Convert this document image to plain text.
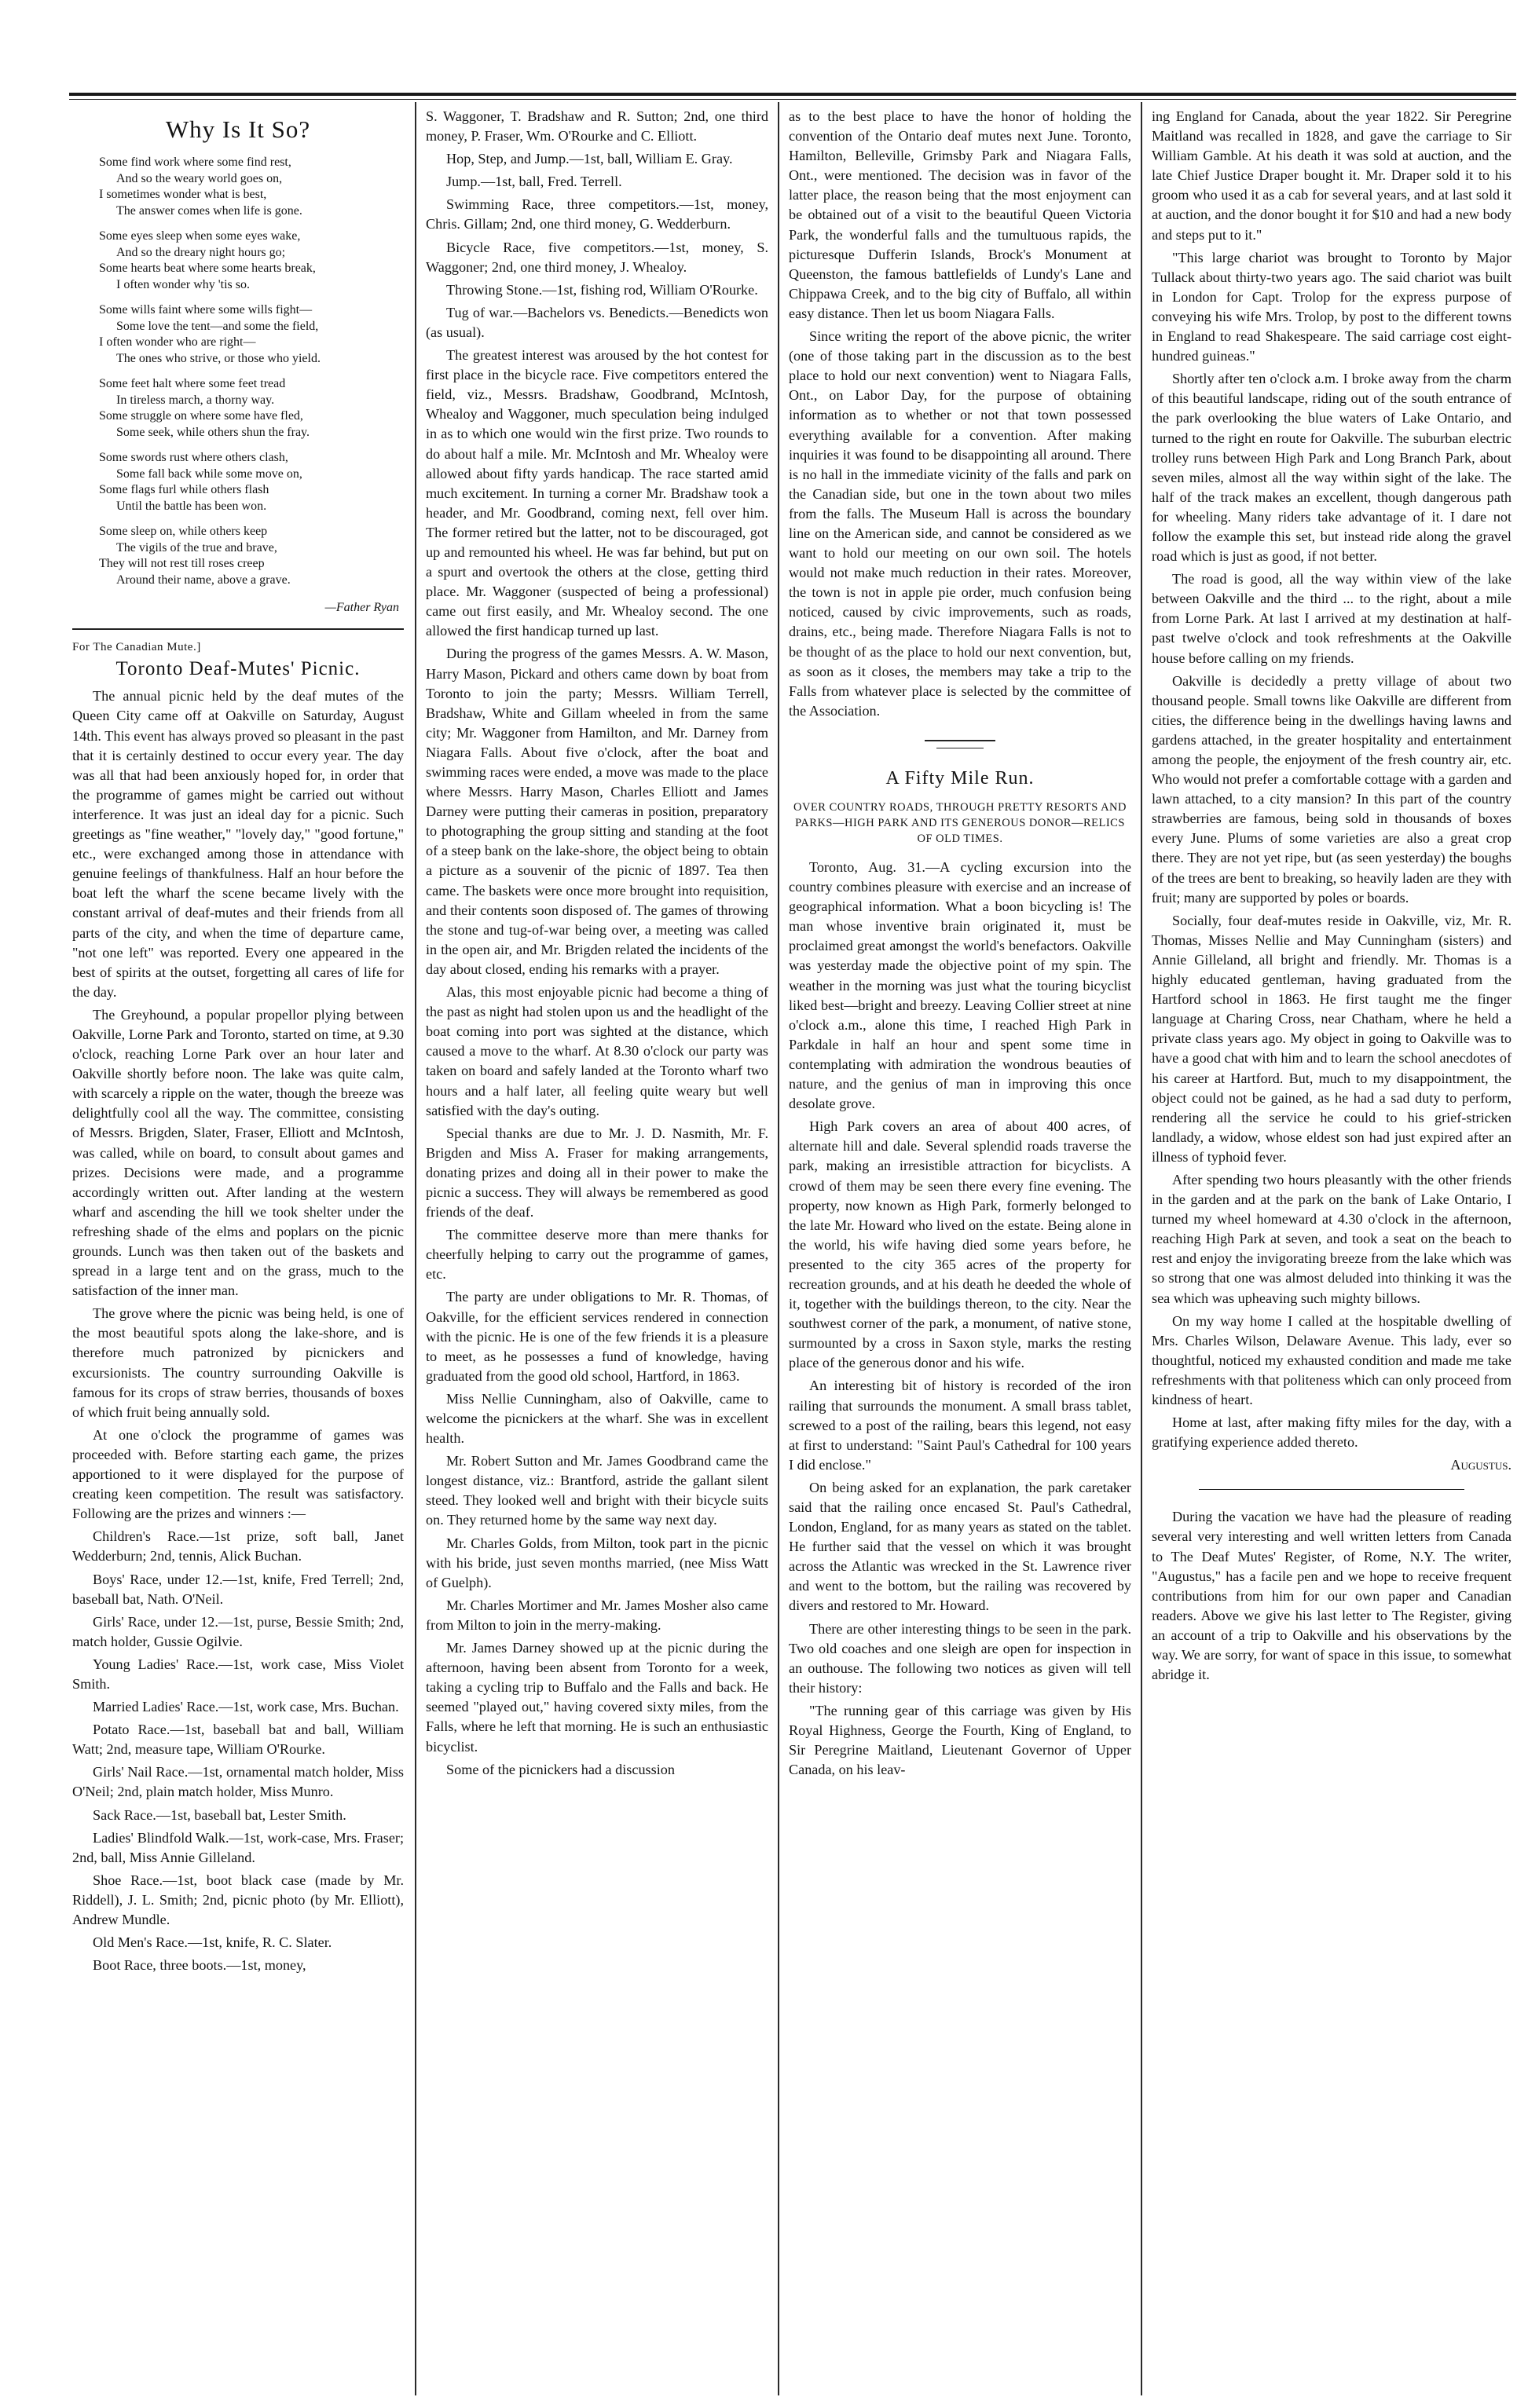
Why Is It So?
Some find work where some find rest,
And so the weary world goes on,
I sometimes wonder what is best,
The answer comes when life is gone.
Some eyes sleep when some eyes wake,
And so the dreary night hours go;
Some hearts beat where some hearts break,
I often wonder why 'tis so.
Some wills faint where some wills fight—
Some love the tent—and some the field,
I often wonder who are right—
The ones who strive, or those who yield.
Some feet halt where some feet tread
In tireless march, a thorny way.
Some struggle on where some have fled,
Some seek, while others shun the fray.
Some swords rust where others clash,
Some fall back while some move on,
Some flags furl while others flash
Until the battle has been won.
Some sleep on, while others keep
The vigils of the true and brave,
They will not rest till roses creep
Around their name, above a grave.
—Father Ryan
For The Canadian Mute.]
Toronto Deaf-Mutes' Picnic.

The annual picnic held by the deaf mutes of the Queen City came off at Oakville on Saturday, August 14th. This event has always proved so pleasant in the past that it is certainly destined to occur every year. The day was all that had been anxiously hoped for, in order that the programme of games might be carried out without interference. It was just an ideal day for a picnic. Such greetings as "fine weather," "lovely day," "good fortune," etc., were exchanged among those in attendance with genuine feelings of thankfulness. Half an hour before the boat left the wharf the scene became lively with the constant arrival of deaf-mutes and their friends from all parts of the city, and when the time of departure came, "not one left" was reported. Every one appeared in the best of spirits at the outset, forgetting all cares of life for the day.

The Greyhound, a popular propellor plying between Oakville, Lorne Park and Toronto, started on time, at 9.30 o'clock, reaching Lorne Park over an hour later and Oakville shortly before noon. The lake was quite calm, with scarcely a ripple on the water, though the breeze was delightfully cool all the way. The committee, consisting of Messrs. Brigden, Slater, Fraser, Elliott and McIntosh, was called, while on board, to consult about games and prizes. Decisions were made, and a programme accordingly written out. After landing at the western wharf and ascending the hill we took shelter under the refreshing shade of the elms and poplars on the picnic grounds. Lunch was then taken out of the baskets and spread in a large tent and on the grass, much to the satisfaction of the inner man.

The grove where the picnic was being held, is one of the most beautiful spots along the lake-shore, and is therefore much patronized by picnickers and excursionists. The country surrounding Oakville is famous for its crops of straw berries, thousands of boxes of which fruit being annually sold.

At one o'clock the programme of games was proceeded with. Before starting each game, the prizes apportioned to it were displayed for the purpose of creating keen competition. The result was satisfactory. Following are the prizes and winners :—

Children's Race.—1st prize, soft ball, Janet Wedderburn; 2nd, tennis, Alick Buchan.

Boys' Race, under 12.—1st, knife, Fred Terrell; 2nd, baseball bat, Nath. O'Neil.

Girls' Race, under 12.—1st, purse, Bessie Smith; 2nd, match holder, Gussie Ogilvie.

Young Ladies' Race.—1st, work case, Miss Violet Smith.

Married Ladies' Race.—1st, work case, Mrs. Buchan.

Potato Race.—1st, baseball bat and ball, William Watt; 2nd, measure tape, William O'Rourke.

Girls' Nail Race.—1st, ornamental match holder, Miss O'Neil; 2nd, plain match holder, Miss Munro.

Sack Race.—1st, baseball bat, Lester Smith.

Ladies' Blindfold Walk.—1st, work-case, Mrs. Fraser; 2nd, ball, Miss Annie Gilleland.

Shoe Race.—1st, boot black case (made by Mr. Riddell), J. L. Smith; 2nd, picnic photo (by Mr. Elliott), Andrew Mundle.

Old Men's Race.—1st, knife, R. C. Slater.

Boot Race, three boots.—1st, money,

S. Waggoner, T. Bradshaw and R. Sutton; 2nd, one third money, P. Fraser, Wm. O'Rourke and C. Elliott.

Hop, Step, and Jump.—1st, ball, William E. Gray.

Jump.—1st, ball, Fred. Terrell.

Swimming Race, three competitors.—1st, money, Chris. Gillam; 2nd, one third money, G. Wedderburn.

Bicycle Race, five competitors.—1st, money, S. Waggoner; 2nd, one third money, J. Whealoy.

Throwing Stone.—1st, fishing rod, William O'Rourke.

Tug of war.—Bachelors vs. Benedicts.—Benedicts won (as usual).

The greatest interest was aroused by the hot contest for first place in the bicycle race. Five competitors entered the field, viz., Messrs. Bradshaw, Goodbrand, McIntosh, Whealoy and Waggoner, much speculation being indulged in as to which one would win the first prize. Two rounds to do about half a mile. Mr. McIntosh and Mr. Whealoy were allowed about fifty yards handicap. The race started amid much excitement. In turning a corner Mr. Bradshaw took a header, and Mr. Goodbrand, coming next, fell over him. The former retired but the latter, not to be discouraged, got up and remounted his wheel. He was far behind, but put on a spurt and overtook the others at the close, getting third place. Mr. Waggoner (suspected of being a professional) came out first easily, and Mr. Whealoy second. The one allowed the first handicap turned up last.

During the progress of the games Messrs. A. W. Mason, Harry Mason, Pickard and others came down by boat from Toronto to join the party; Messrs. William Terrell, Bradshaw, White and Gillam wheeled in from the same city; Mr. Waggoner from Hamilton, and Mr. Darney from Niagara Falls. About five o'clock, after the boat and swimming races were ended, a move was made to the place where Messrs. Harry Mason, Charles Elliott and James Darney were putting their cameras in position, preparatory to photographing the group sitting and standing at the foot of a steep bank on the lake-shore, the object being to obtain a picture as a souvenir of the picnic of 1897. Tea then came. The baskets were once more brought into requisition, and their contents soon disposed of. The games of throwing the stone and tug-of-war being over, a meeting was called in the open air, and Mr. Brigden related the incidents of the day about closed, ending his remarks with a prayer.

Alas, this most enjoyable picnic had become a thing of the past as night had stolen upon us and the headlight of the boat coming into port was sighted at the distance, which caused a move to the wharf. At 8.30 o'clock our party was taken on board and safely landed at the Toronto wharf two hours and a half later, all feeling quite weary but well satisfied with the day's outing.

Special thanks are due to Mr. J. D. Nasmith, Mr. F. Brigden and Miss A. Fraser for making arrangements, donating prizes and doing all in their power to make the picnic a success. They will always be remembered as good friends of the deaf.

The committee deserve more than mere thanks for cheerfully helping to carry out the programme of games, etc.

The party are under obligations to Mr. R. Thomas, of Oakville, for the efficient services rendered in connection with the picnic. He is one of the few friends it is a pleasure to meet, as he possesses a fund of knowledge, having graduated from the good old school, Hartford, in 1863.

Miss Nellie Cunningham, also of Oakville, came to welcome the picnickers at the wharf. She was in excellent health.

Mr. Robert Sutton and Mr. James Goodbrand came the longest distance, viz.: Brantford, astride the gallant silent steed. They looked well and bright with their bicycle suits on. They returned home by the same way next day.

Mr. Charles Golds, from Milton, took part in the picnic with his bride, just seven months married, (nee Miss Watt of Guelph).

Mr. Charles Mortimer and Mr. James Mosher also came from Milton to join in the merry-making.

Mr. James Darney showed up at the picnic during the afternoon, having been absent from Toronto for a week, taking a cycling trip to Buffalo and the Falls and back. He seemed "played out," having covered sixty miles, from the Falls, where he left that morning. He is such an enthusiastic bicyclist.

Some of the picnickers had a discussion

as to the best place to have the honor of holding the convention of the Ontario deaf mutes next June. Toronto, Hamilton, Belleville, Grimsby Park and Niagara Falls, Ont., were mentioned. The decision was in favor of the latter place, the reason being that the most enjoyment can be obtained out of a visit to the beautiful Queen Victoria Park, the wonderful falls and the tumultuous rapids, the picturesque Dufferin Islands, Brock's Monument at Queenston, the famous battlefields of Lundy's Lane and Chippawa Creek, and to the big city of Buffalo, all within easy distance. Then let us boom Niagara Falls.

Since writing the report of the above picnic, the writer (one of those taking part in the discussion as to the best place to hold our next convention) went to Niagara Falls, Ont., on Labor Day, for the purpose of obtaining information as to whether or not that town possessed everything available for a convention. After making inquiries it was found to be disappointing all around. There is no hall in the immediate vicinity of the falls and park on the Canadian side, but one in the town about two miles from the falls. The Museum Hall is across the boundary line on the American side, and cannot be considered as we want to hold our meeting on our own soil. The hotels would not make much reduction in their rates. Moreover, the town is not in apple pie order, much confusion being noticed, caused by civic improvements, such as roads, drains, etc., being made. Therefore Niagara Falls is not to be thought of as the place to hold our next convention, but, as soon as it closes, the members may take a trip to the Falls from whatever place is selected by the committee of the Association.

A Fifty Mile Run.
OVER COUNTRY ROADS, THROUGH PRETTY RESORTS AND PARKS—HIGH PARK AND ITS GENEROUS DONOR—RELICS OF OLD TIMES.

Toronto, Aug. 31.—A cycling excursion into the country combines pleasure with exercise and an increase of geographical information. What a boon bicycling is! The man whose inventive brain originated it, must be proclaimed great amongst the world's benefactors. Oakville was yesterday made the objective point of my spin. The weather in the morning was just what the touring bicyclist liked best—bright and breezy. Leaving Collier street at nine o'clock a.m., alone this time, I reached High Park in Parkdale in half an hour and spent some time in contemplating with admiration the wondrous beauties of nature, and the genius of man in improving this once desolate grove.

High Park covers an area of about 400 acres, of alternate hill and dale. Several splendid roads traverse the park, making an irresistible attraction for bicyclists. A crowd of them may be seen there every fine evening. The property, now known as High Park, formerly belonged to the late Mr. Howard who lived on the estate. Being alone in the world, his wife having died some years before, he presented to the city 365 acres of the property for recreation grounds, and at his death he deeded the whole of it, together with the buildings thereon, to the city. Near the southwest corner of the park, a monument, of native stone, surmounted by a cross in Saxon style, marks the resting place of the generous donor and his wife.

An interesting bit of history is recorded of the iron railing that surrounds the monument. A small brass tablet, screwed to a post of the railing, bears this legend, not easy at first to understand: "Saint Paul's Cathedral for 100 years I did enclose."

On being asked for an explanation, the park caretaker said that the railing once encased St. Paul's Cathedral, London, England, for as many years as stated on the tablet. He further said that the vessel on which it was brought across the Atlantic was wrecked in the St. Lawrence river and went to the bottom, but the railing was recovered by divers and restored to Mr. Howard.

There are other interesting things to be seen in the park. Two old coaches and one sleigh are open for inspection in an outhouse. The following two notices as given will tell their history:

"The running gear of this carriage was given by His Royal Highness, George the Fourth, King of England, to Sir Peregrine Maitland, Lieutenant Governor of Upper Canada, on his leav-

ing England for Canada, about the year 1822. Sir Peregrine Maitland was recalled in 1828, and gave the carriage to Sir William Gamble. At his death it was sold at auction, and the late Chief Justice Draper bought it. Mr. Draper sold it to his groom who used it as a cab for several years, and at last sold it at auction, and the donor bought it for $10 and had a new body and steps put to it."

"This large chariot was brought to Toronto by Major Tullack about thirty-two years ago. The said chariot was built in London for Capt. Trolop for the express purpose of conveying his wife Mrs. Trolop, by post to the different towns in England to read Shakespeare. The said carriage cost eight-hundred guineas."

Shortly after ten o'clock a.m. I broke away from the charm of this beautiful landscape, riding out of the south entrance of the park overlooking the blue waters of Lake Ontario, and turned to the right en route for Oakville. The suburban electric trolley runs between High Park and Long Branch Park, about seven miles, almost all the way within sight of the lake. The half of the track makes an excellent, though dangerous path for wheeling. Many riders take advantage of it. I dare not follow the example this set, but instead ride along the gravel road which is just as good, if not better.

The road is good, all the way within view of the lake between Oakville and the third ... to the right, about a mile from Lorne Park. At last I arrived at my destination at half-past twelve o'clock and took refreshments at the Oakville house before calling on my friends.

Oakville is decidedly a pretty village of about two thousand people. Small towns like Oakville are different from cities, the difference being in the dwellings having lawns and gardens attached, in the greater hospitality and entertainment among the people, the enjoyment of the fresh country air, etc. Who would not prefer a comfortable cottage with a garden and lawn attached, to a city mansion? In this part of the country strawberries are famous, being sold in thousands of boxes every June. Plums of some varieties are also a great crop there. They are not yet ripe, but (as seen yesterday) the boughs of the trees are bent to breaking, so heavily laden are they with fruit; many are supported by poles or boards.

Socially, four deaf-mutes reside in Oakville, viz, Mr. R. Thomas, Misses Nellie and May Cunningham (sisters) and Annie Gilleland, all bright and friendly. Mr. Thomas is a highly educated gentleman, having graduated from the Hartford school in 1863. He first taught me the finger language at Charing Cross, near Chatham, where he held a private class years ago. My object in going to Oakville was to have a good chat with him and to learn the school anecdotes of his career at Hartford. But, much to my disappointment, the object could not be gained, as he had a sad duty to perform, rendering all the service he could to his grief-stricken landlady, a widow, whose eldest son had just expired after an illness of typhoid fever.

After spending two hours pleasantly with the other friends in the garden and at the park on the bank of Lake Ontario, I turned my wheel homeward at 4.30 o'clock in the afternoon, reaching High Park at seven, and took a seat on the beach to rest and enjoy the invigorating breeze from the lake which was so strong that one was almost deluded into thinking it was the sea which was upheaving such mighty billows.

On my way home I called at the hospitable dwelling of Mrs. Charles Wilson, Delaware Avenue. This lady, ever so thoughtful, noticed my exhausted condition and made me take refreshments with that politeness which can only proceed from kindness of heart.

Home at last, after making fifty miles for the day, with a gratifying experience added thereto.

Augustus.

During the vacation we have had the pleasure of reading several very interesting and well written letters from Canada to The Deaf Mutes' Register, of Rome, N.Y. The writer, "Augustus," has a facile pen and we hope to receive frequent contributions from him for our own paper and Canadian readers. Above we give his last letter to The Register, giving an account of a trip to Oakville and his observations by the way. We are sorry, for want of space in this issue, to somewhat abridge it.
